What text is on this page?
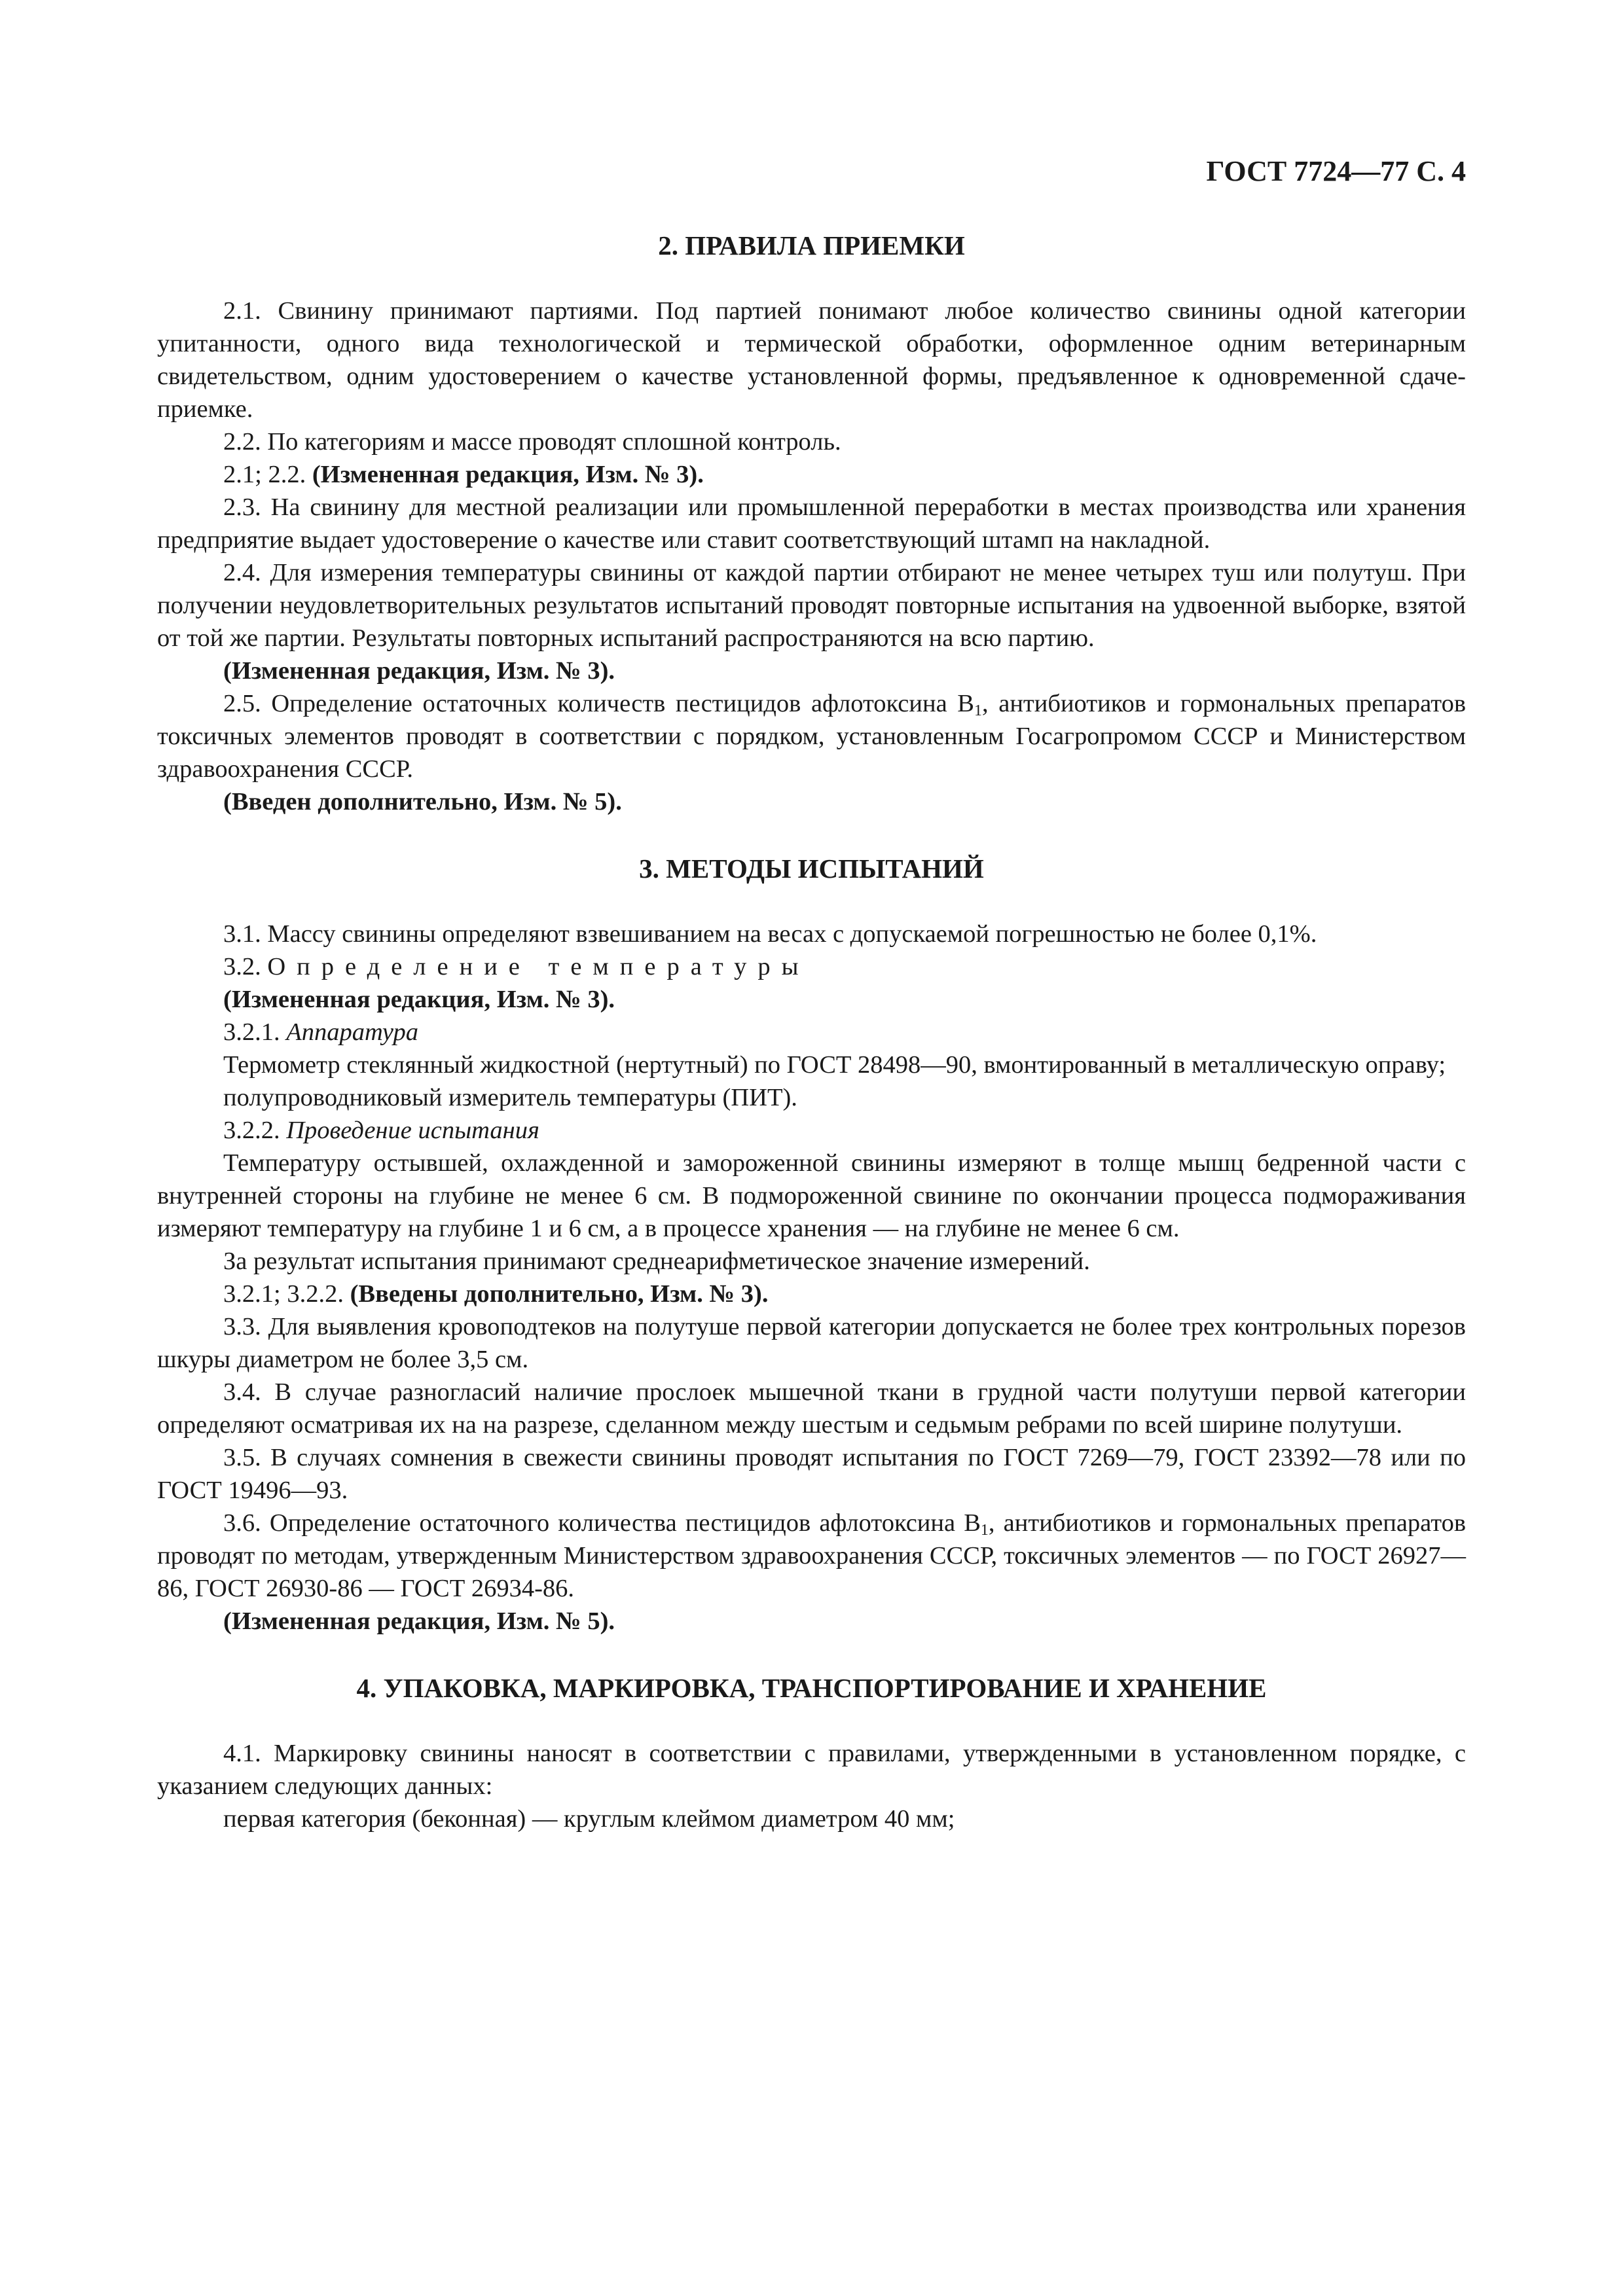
ГОСТ 7724—77 С. 4
2. ПРАВИЛА ПРИЕМКИ

2.1. Свинину принимают партиями. Под партией понимают любое количество свинины одной категории упитанности, одного вида технологической и термической обработки, оформленное одним ветеринарным свидетельством, одним удостоверением о качестве установленной формы, предъявленное к одновременной сдаче-приемке.

2.2. По категориям и массе проводят сплошной контроль.

2.1; 2.2. (Измененная редакция, Изм. № 3).

2.3. На свинину для местной реализации или промышленной переработки в местах производства или хранения предприятие выдает удостоверение о качестве или ставит соответствующий штамп на накладной.

2.4. Для измерения температуры свинины от каждой партии отбирают не менее четырех туш или полутуш. При получении неудовлетворительных результатов испытаний проводят повторные испытания на удвоенной выборке, взятой от той же партии. Результаты повторных испытаний распространяются на всю партию.

(Измененная редакция, Изм. № 3).

2.5. Определение остаточных количеств пестицидов афлотоксина $В_1$, антибиотиков и гормональных препаратов токсичных элементов проводят в соответствии с порядком, установленным Госагропромом СССР и Министерством здравоохранения СССР.

(Введен дополнительно, Изм. № 5).

3. МЕТОДЫ ИСПЫТАНИЙ

3.1. Массу свинины определяют взвешиванием на весах с допускаемой погрешностью не более 0,1%.

3.2. Определение температуры

(Измененная редакция, Изм. № 3).

3.2.1. Аппаратура

Термометр стеклянный жидкостной (нертутный) по ГОСТ 28498—90, вмонтированный в металлическую оправу;

полупроводниковый измеритель температуры (ПИТ).

3.2.2. Проведение испытания

Температуру остывшей, охлажденной и замороженной свинины измеряют в толще мышц бедренной части с внутренней стороны на глубине не менее 6 см. В подмороженной свинине по окончании процесса подмораживания измеряют температуру на глубине 1 и 6 см, а в процессе хранения — на глубине не менее 6 см.

За результат испытания принимают среднеарифметическое значение измерений.

3.2.1; 3.2.2. (Введены дополнительно, Изм. № 3).

3.3. Для выявления кровоподтеков на полутуше первой категории допускается не более трех контрольных порезов шкуры диаметром не более 3,5 см.

3.4. В случае разногласий наличие прослоек мышечной ткани в грудной части полутуши первой категории определяют осматривая их на на разрезе, сделанном между шестым и седьмым ребрами по всей ширине полутуши.

3.5. В случаях сомнения в свежести свинины проводят испытания по ГОСТ 7269—79, ГОСТ 23392—78 или по ГОСТ 19496—93.

3.6. Определение остаточного количества пестицидов афлотоксина $В_1$, антибиотиков и гормональных препаратов проводят по методам, утвержденным Министерством здравоохранения СССР, токсичных элементов — по ГОСТ 26927—86, ГОСТ 26930-86 — ГОСТ 26934-86.

(Измененная редакция, Изм. № 5).

4. УПАКОВКА, МАРКИРОВКА, ТРАНСПОРТИРОВАНИЕ И ХРАНЕНИЕ

4.1. Маркировку свинины наносят в соответствии с правилами, утвержденными в установленном порядке, с указанием следующих данных:

первая категория (беконная) — круглым клеймом диаметром 40 мм;
